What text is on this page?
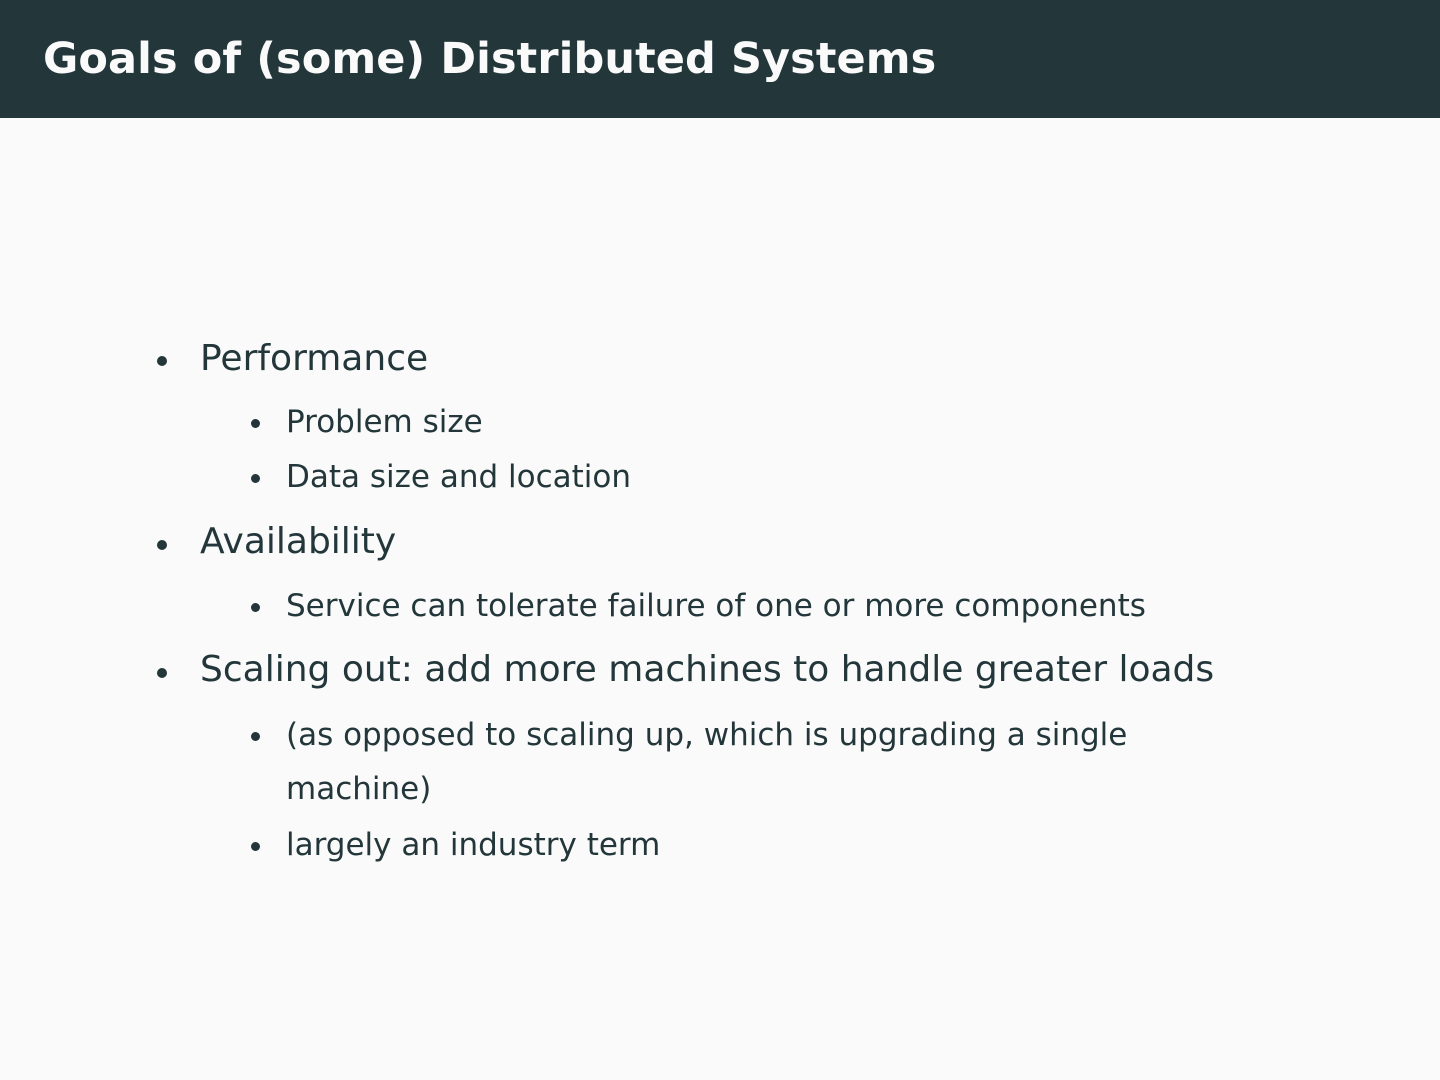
Goals of (some) Distributed Systems
Performance
Problem size
Data size and location
Availability
Service can tolerate failure of one or more components
Scaling out: add more machines to handle greater loads
(as opposed to scaling up, which is upgrading a single
machine)
largely an industry term
